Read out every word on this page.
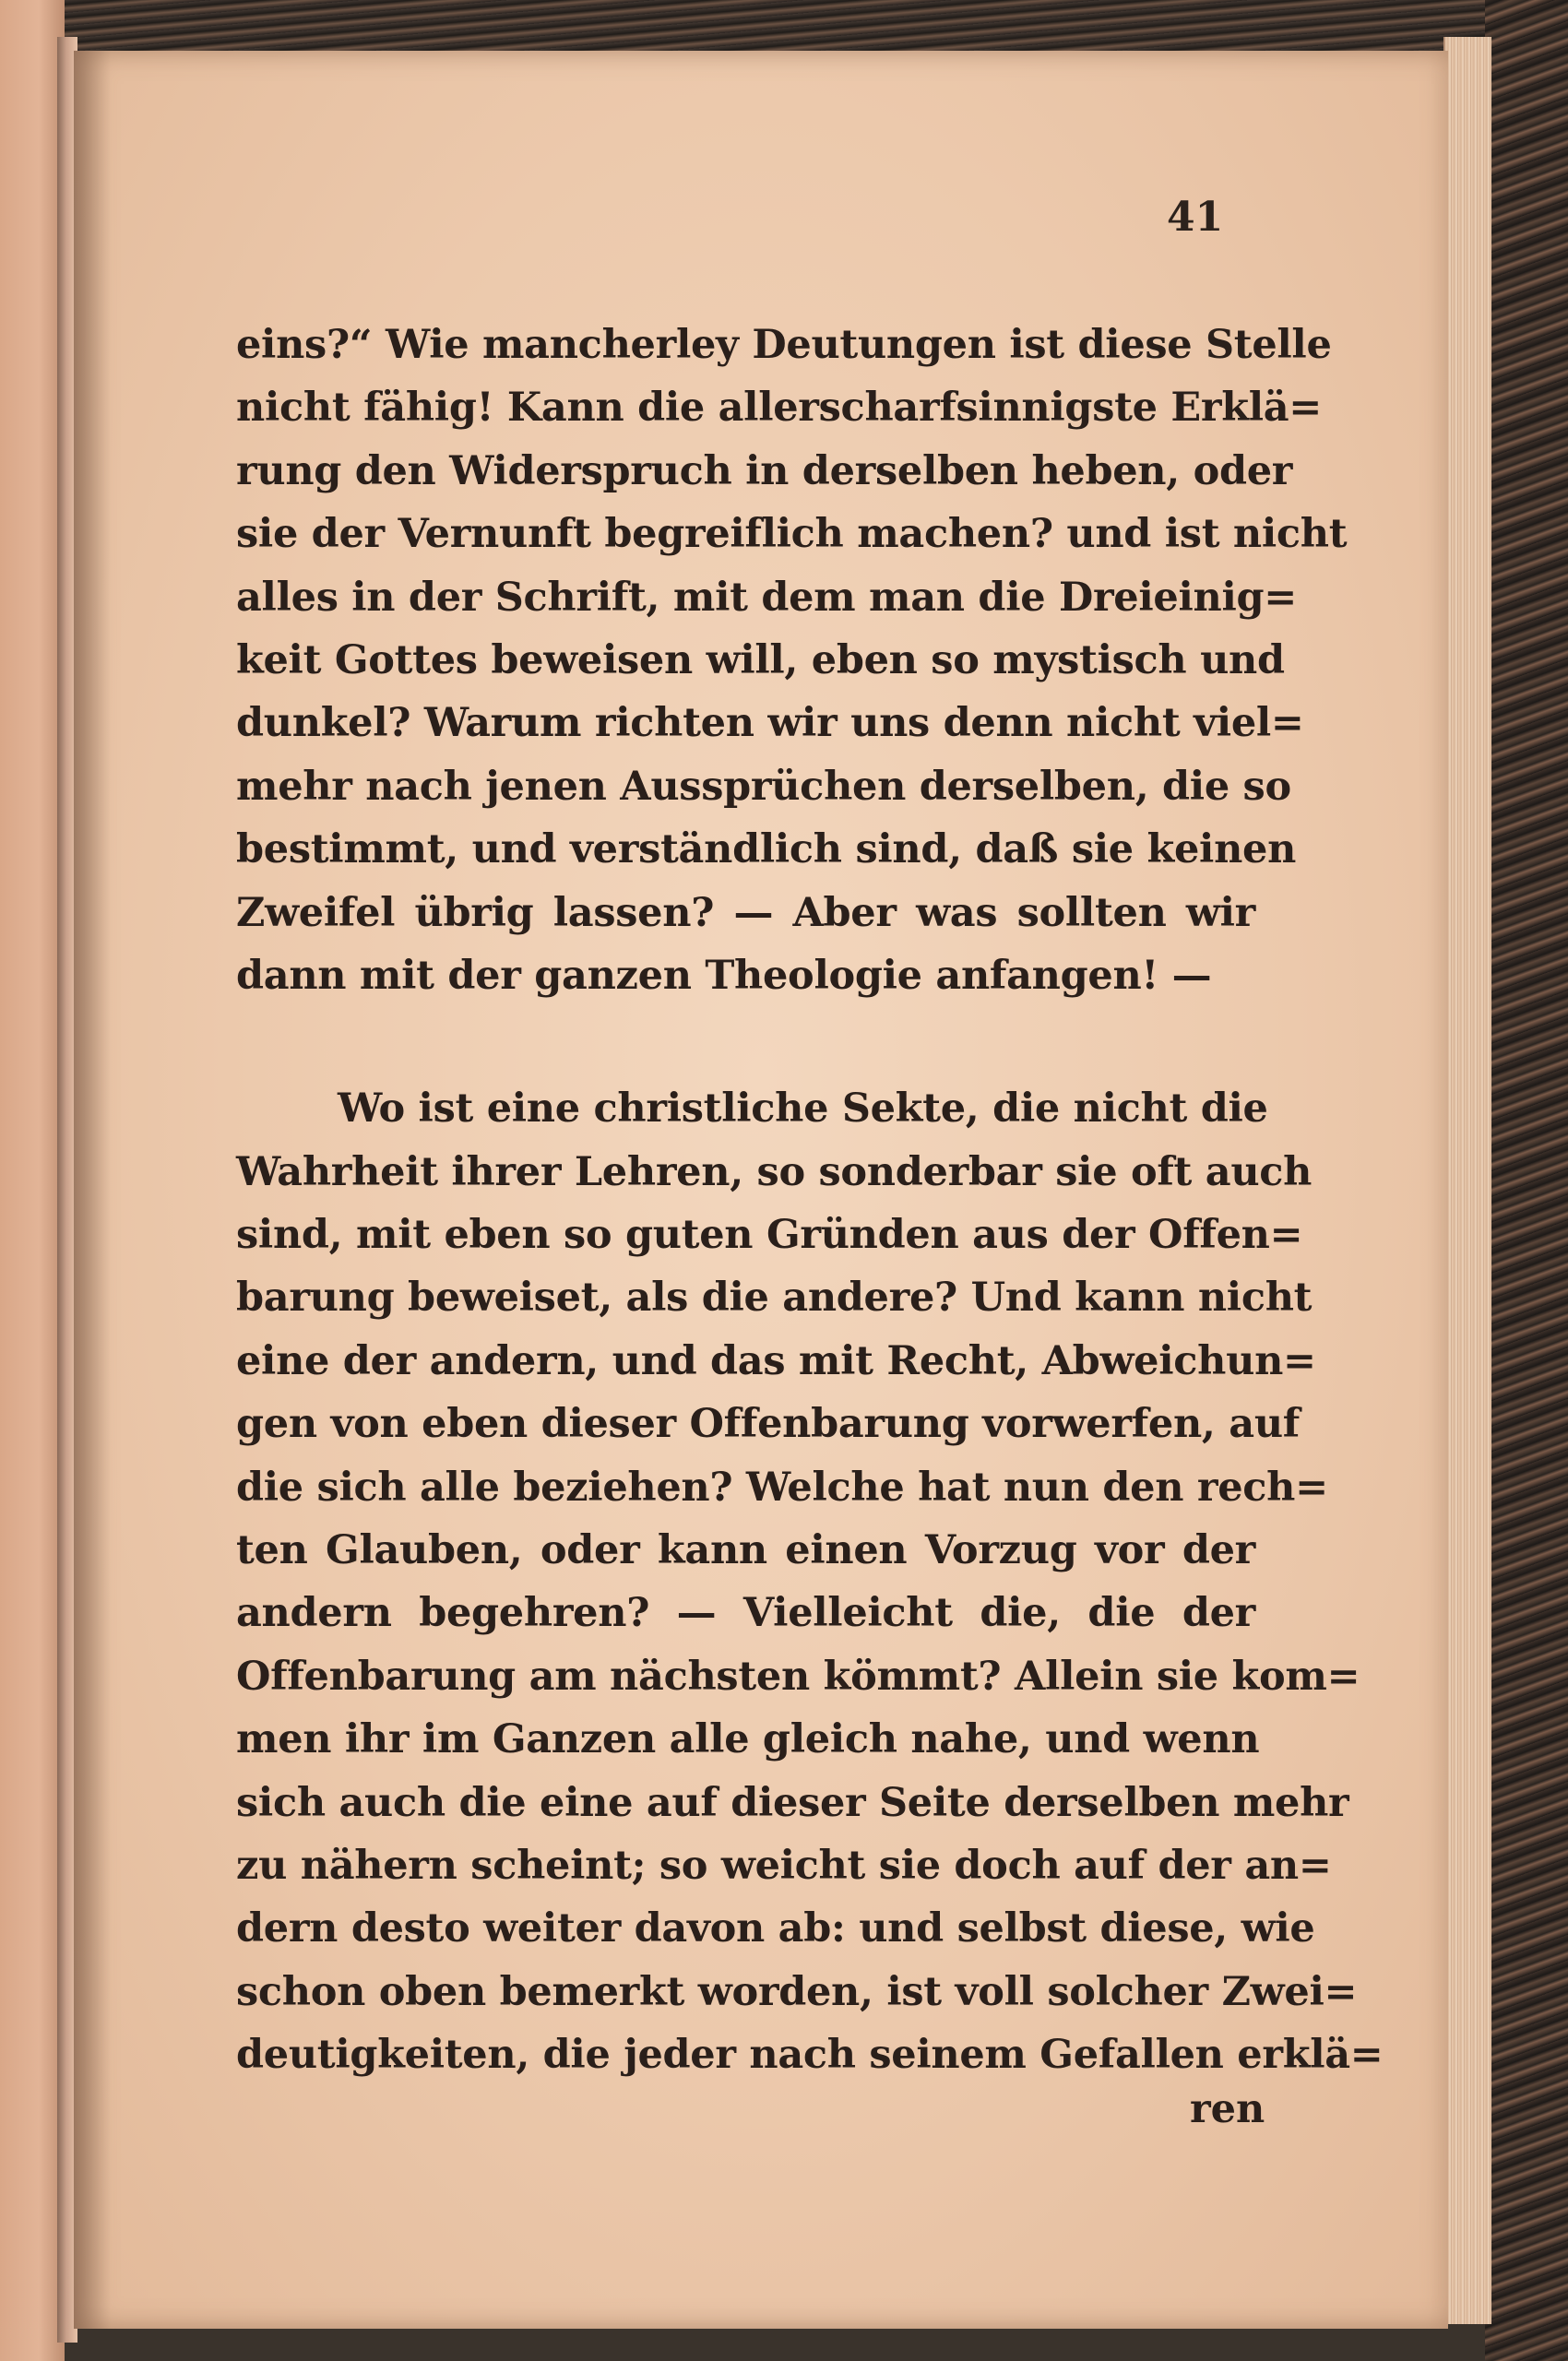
41
eins?“ Wie mancherley Deutungen ist diese Stelle
nicht fähig! Kann die allerscharfsinnigste Erklä=
rung den Widerspruch in derselben heben, oder
sie der Vernunft begreiflich machen? und ist nicht
alles in der Schrift, mit dem man die Dreieinig=
keit Gottes beweisen will, eben so mystisch und
dunkel? Warum richten wir uns denn nicht viel=
mehr nach jenen Aussprüchen derselben, die so
bestimmt, und verständlich sind, daß sie keinen
Zweifel übrig lassen? — Aber was sollten wir
dann mit der ganzen Theologie anfangen! —
Wo ist eine christliche Sekte, die nicht die
Wahrheit ihrer Lehren, so sonderbar sie oft auch
sind, mit eben so guten Gründen aus der Offen=
barung beweiset, als die andere? Und kann nicht
eine der andern, und das mit Recht, Abweichun=
gen von eben dieser Offenbarung vorwerfen, auf
die sich alle beziehen? Welche hat nun den rech=
ten Glauben, oder kann einen Vorzug vor der
andern begehren? — Vielleicht die, die der
Offenbarung am nächsten kömmt? Allein sie kom=
men ihr im Ganzen alle gleich nahe, und wenn
sich auch die eine auf dieser Seite derselben mehr
zu nähern scheint; so weicht sie doch auf der an=
dern desto weiter davon ab: und selbst diese, wie
schon oben bemerkt worden, ist voll solcher Zwei=
deutigkeiten, die jeder nach seinem Gefallen erklä=
ren
